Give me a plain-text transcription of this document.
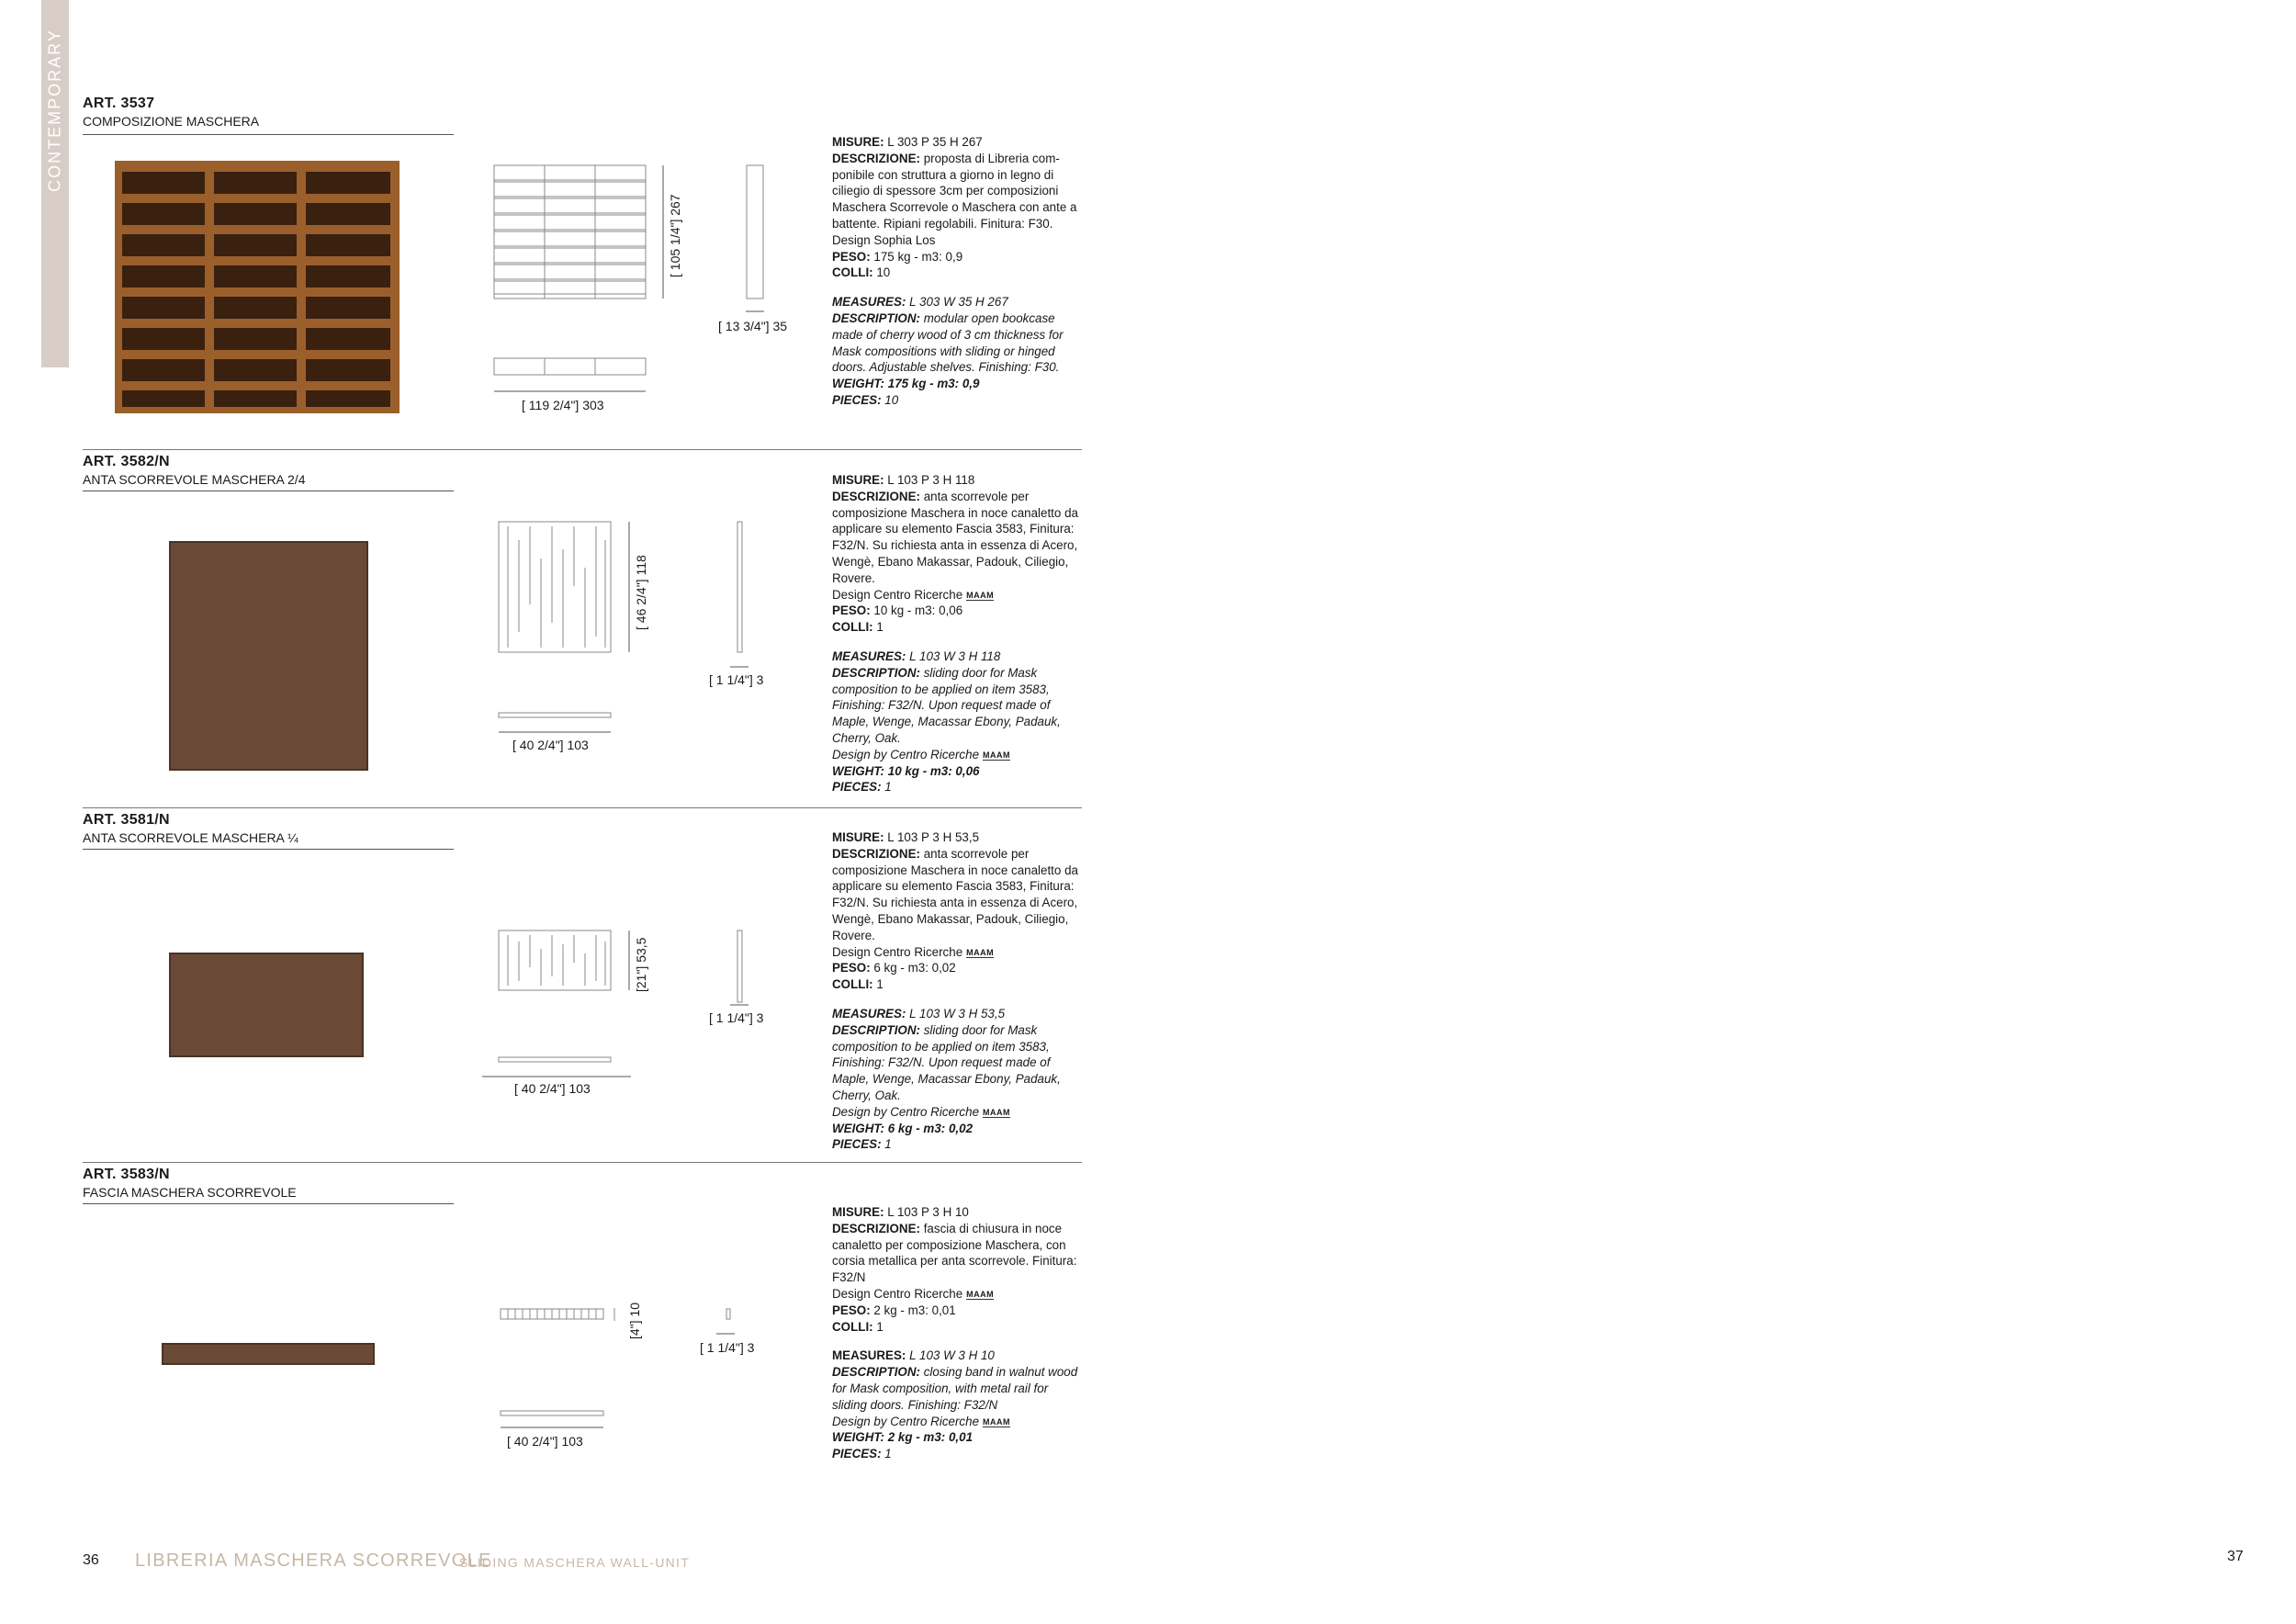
CONTEMPORARY ART. 3537
COMPOSIZIONE MASCHERA
[ 105 1/4"] 267
[ 13 3/4"] 35
[ 119 2/4"] 303

MISURE: L 303 P 35 H 267

DESCRIZIONE: proposta di Libreria com-ponibile con struttura a giorno in legno di ciliegio di spessore 3cm per composizioni Maschera Scorrevole o Maschera con ante a battente. Ripiani regolabili. Finitura: F30.

Design Sophia Los

PESO: 175 kg - m3: 0,9

COLLI: 10

MEASURES: L 303 W 35 H 267

DESCRIPTION: modular open bookcase made of cherry wood of 3 cm thickness for Mask compositions with sliding or hinged doors. Adjustable shelves. Finishing: F30.

WEIGHT: 175 kg - m3: 0,9

PIECES: 10

ART. 3582/N
ANTA SCORREVOLE MASCHERA 2/4
[ 46 2/4"] 118
[ 1 1/4"] 3
[ 40 2/4"] 103

MISURE: L 103 P 3 H 118

DESCRIZIONE: anta scorrevole per composizione Maschera in noce canaletto da applicare su elemento Fascia 3583, Finitura: F32/N. Su richiesta anta in essenza di Acero, Wengè, Ebano Makassar, Padouk, Ciliegio, Rovere.

Design Centro Ricerche MAAM

PESO: 10 kg - m3: 0,06

COLLI: 1

MEASURES: L 103 W 3 H 118

DESCRIPTION: sliding door for Mask composition to be applied on item 3583, Finishing: F32/N. Upon request made of Maple, Wenge, Macassar Ebony, Padauk, Cherry, Oak.

Design by Centro Ricerche MAAM

WEIGHT: 10 kg - m3: 0,06

PIECES: 1

ART. 3581/N
ANTA SCORREVOLE MASCHERA ¼
[21"] 53,5
[ 1 1/4"] 3
[ 40 2/4"] 103

MISURE: L 103 P 3 H 53,5

DESCRIZIONE: anta scorrevole per composizione Maschera in noce canaletto da applicare su elemento Fascia 3583, Finitura: F32/N. Su richiesta anta in essenza di Acero, Wengè, Ebano Makassar, Padouk, Ciliegio, Rovere.

Design Centro Ricerche MAAM

PESO: 6 kg - m3: 0,02

COLLI: 1

MEASURES: L 103 W 3 H 53,5

DESCRIPTION: sliding door for Mask composition to be applied on item 3583, Finishing: F32/N. Upon request made of Maple, Wenge, Macassar Ebony, Padauk, Cherry, Oak.

Design by Centro Ricerche MAAM

WEIGHT: 6 kg - m3: 0,02

PIECES: 1

ART. 3583/N
FASCIA MASCHERA SCORREVOLE
[4"] 10
[ 1 1/4"] 3
[ 40 2/4"] 103

MISURE: L 103 P 3 H 10

DESCRIZIONE: fascia di chiusura in noce canaletto per composizione Maschera, con corsia metallica per anta scorrevole. Finitura: F32/N

Design Centro Ricerche MAAM

PESO: 2 kg - m3: 0,01

COLLI: 1

MEASURES: L 103 W 3 H 10

DESCRIPTION: closing band in walnut wood for Mask composition, with metal rail for sliding doors. Finishing: F32/N

Design by Centro Ricerche MAAM

WEIGHT: 2 kg - m3: 0,01

PIECES: 1

36 LIBRERIA MASCHERA SCORREVOLE
SLIDING MASCHERA WALL-UNIT	37
